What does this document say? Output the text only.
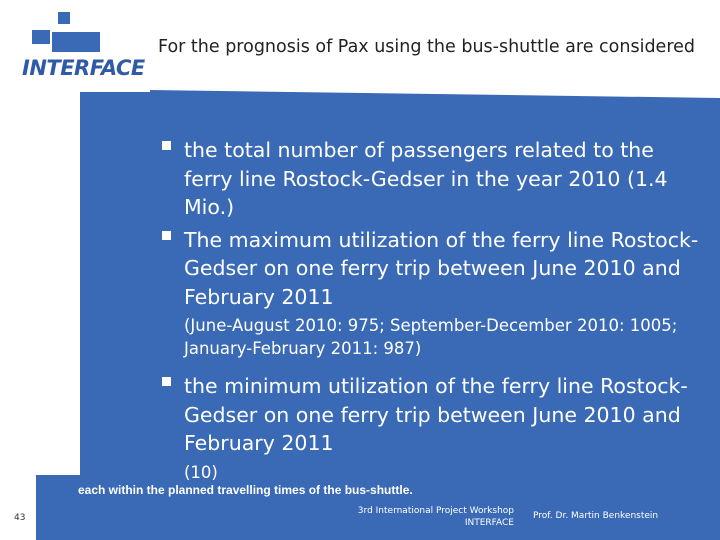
INTERFACE
For the prognosis of Pax using the bus-shuttle are considered
the total number of passengers related to the ferry line Rostock-Gedser in the year 2010 (1.4 Mio.)
The maximum utilization of the ferry line Rostock-Gedser on one ferry trip between June 2010 and February 2011
(June-August 2010: 975; September-December 2010: 1005; January-February 2011: 987)
the minimum utilization of the ferry line Rostock-Gedser on one ferry trip between June 2010 and February 2011
(10)
each within the planned travelling times of the bus-shuttle.
43
3rd International Project Workshop
INTERFACE
Prof. Dr. Martin Benkenstein
